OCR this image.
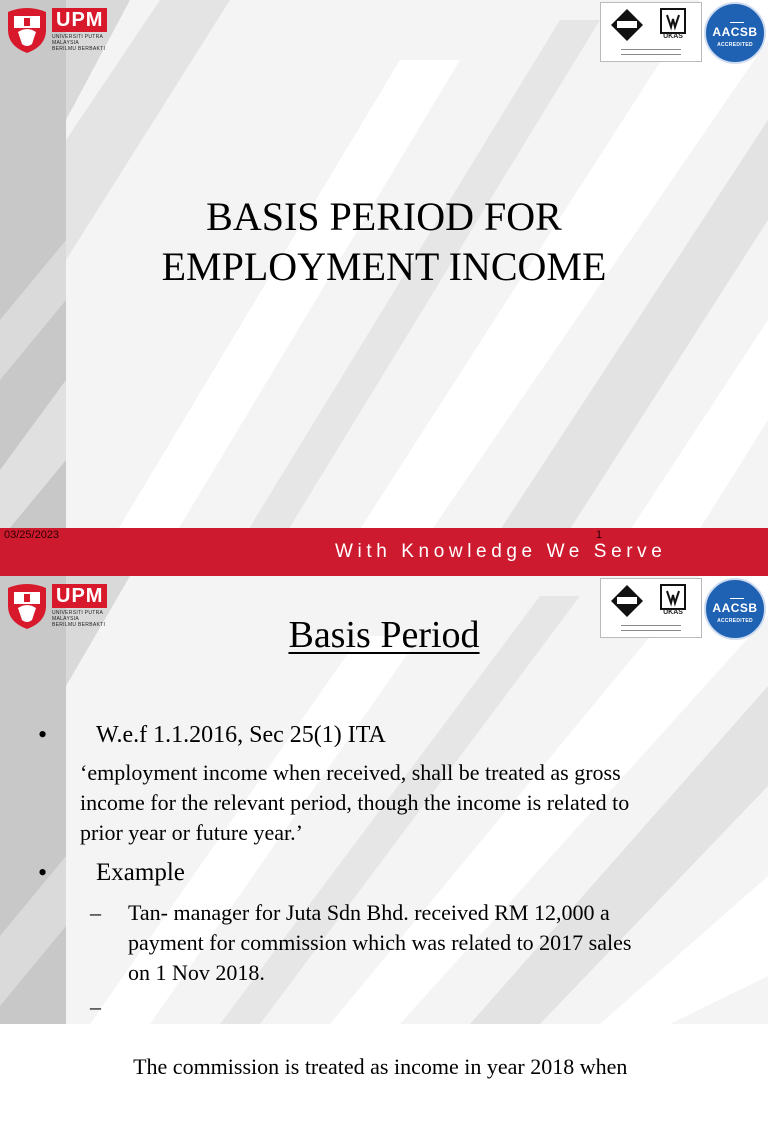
UPM
UNIVERSITI PUTRA MALAYSIA
BERILMU BERBAKTI
UKAS	AACSB
ACCREDITED
BASIS PERIOD FOR
EMPLOYMENT INCOME
03/25/2023	1
With Knowledge We Serve
UPM
UNIVERSITI PUTRA MALAYSIA
BERILMU BERBAKTI
UKAS	AACSB
ACCREDITED
Basis Period
• W.e.f 1.1.2016, Sec 25(1) ITA
‘employment income when received, shall be treated as gross
income for the relevant period, though the income is related to
prior year or future year.’
• Example
– Tan- manager for Juta Sdn Bhd. received RM 12,000 a
payment for commission which was related to 2017 sales
on 1 Nov 2018.
–

The commission is treated as income in year 2018 when
